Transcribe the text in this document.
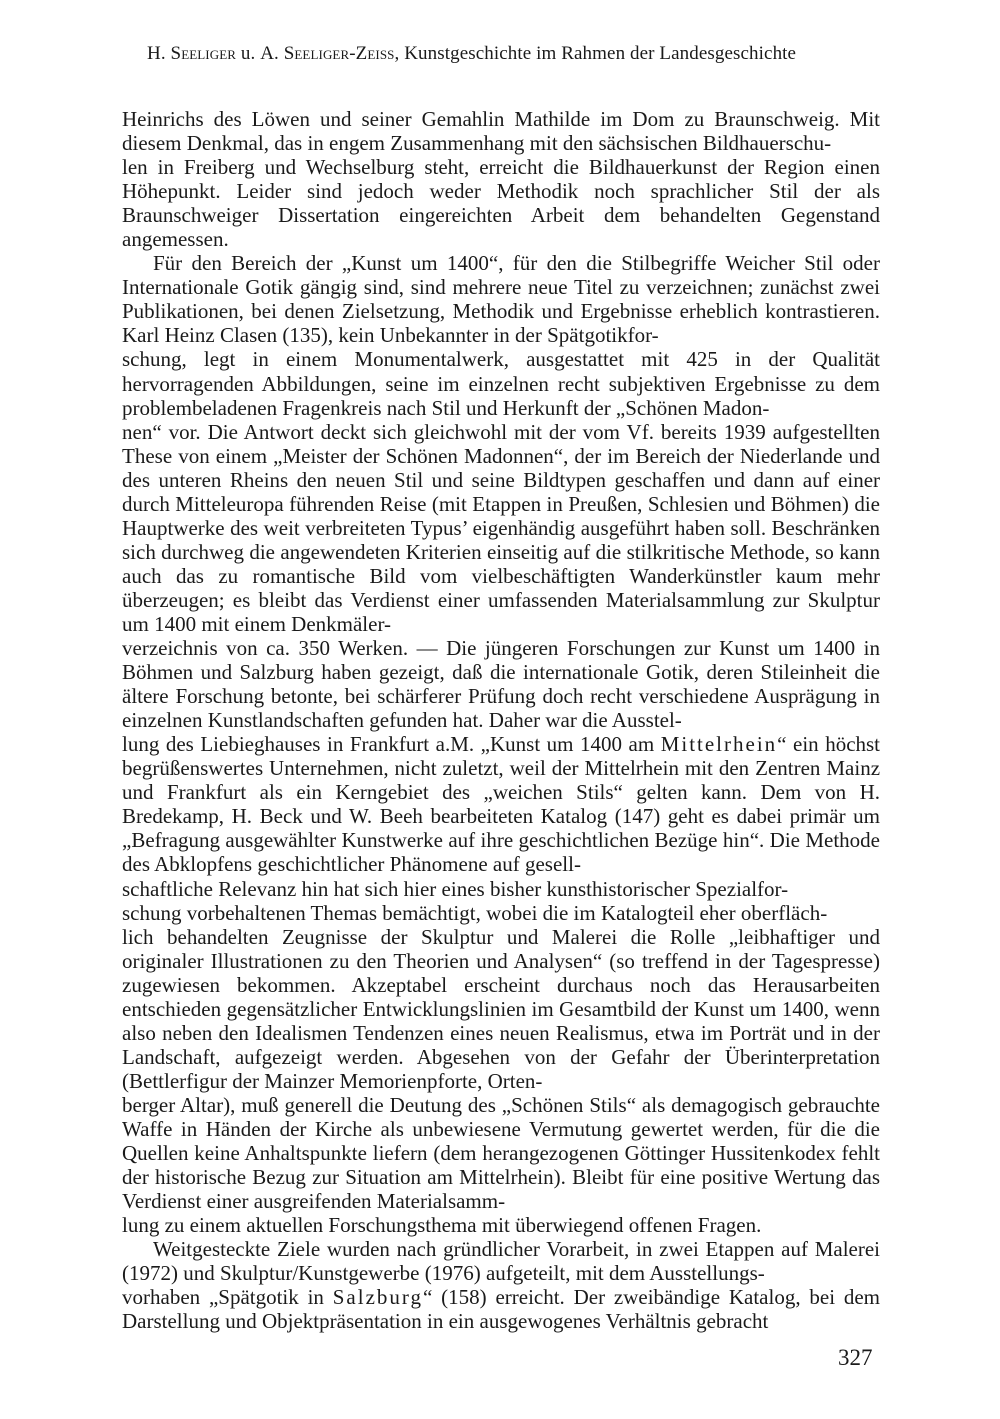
H. Seeliger u. A. Seeliger-Zeiss, Kunstgeschichte im Rahmen der Landesgeschichte

Heinrichs des Löwen und seiner Gemahlin Mathilde im Dom zu Braunschweig. Mit diesem Denkmal, das in engem Zusammenhang mit den sächsischen Bildhauerschu-
len in Freiberg und Wechselburg steht, erreicht die Bildhauerkunst der Region einen Höhepunkt. Leider sind jedoch weder Methodik noch sprachlicher Stil der als Braunschweiger Dissertation eingereichten Arbeit dem behandelten Gegenstand angemessen.

Für den Bereich der „Kunst um 1400“, für den die Stilbegriffe Weicher Stil oder Internationale Gotik gängig sind, sind mehrere neue Titel zu verzeichnen; zunächst zwei Publikationen, bei denen Zielsetzung, Methodik und Ergebnisse erheblich kontrastieren. Karl Heinz Clasen (135), kein Unbekannter in der Spätgotikfor-
schung, legt in einem Monumentalwerk, ausgestattet mit 425 in der Qualität hervorragenden Abbildungen, seine im einzelnen recht subjektiven Ergebnisse zu dem problembeladenen Fragenkreis nach Stil und Herkunft der „Schönen Madon-
nen“ vor. Die Antwort deckt sich gleichwohl mit der vom Vf. bereits 1939 aufgestellten These von einem „Meister der Schönen Madonnen“, der im Bereich der Niederlande und des unteren Rheins den neuen Stil und seine Bildtypen geschaffen und dann auf einer durch Mitteleuropa führenden Reise (mit Etappen in Preußen, Schlesien und Böhmen) die Hauptwerke des weit verbreiteten Typus’ eigenhändig ausgeführt haben soll. Beschränken sich durchweg die angewendeten Kriterien einseitig auf die stilkritische Methode, so kann auch das zu romantische Bild vom vielbeschäftigten Wanderkünstler kaum mehr überzeugen; es bleibt das Verdienst einer umfassenden Materialsammlung zur Skulptur um 1400 mit einem Denkmäler-
verzeichnis von ca. 350 Werken. — Die jüngeren Forschungen zur Kunst um 1400 in Böhmen und Salzburg haben gezeigt, daß die internationale Gotik, deren Stileinheit die ältere Forschung betonte, bei schärferer Prüfung doch recht verschiedene Ausprägung in einzelnen Kunstlandschaften gefunden hat. Daher war die Ausstel-
lung des Liebieghauses in Frankfurt a.M. „Kunst um 1400 am Mittelrhein“ ein höchst begrüßenswertes Unternehmen, nicht zuletzt, weil der Mittelrhein mit den Zentren Mainz und Frankfurt als ein Kerngebiet des „weichen Stils“ gelten kann. Dem von H. Bredekamp, H. Beck und W. Beeh bearbeiteten Katalog (147) geht es dabei primär um „Befragung ausgewählter Kunstwerke auf ihre geschichtlichen Bezüge hin“. Die Methode des Abklopfens geschichtlicher Phänomene auf gesell-
schaftliche Relevanz hin hat sich hier eines bisher kunsthistorischer Spezialfor-
schung vorbehaltenen Themas bemächtigt, wobei die im Katalogteil eher oberfläch-
lich behandelten Zeugnisse der Skulptur und Malerei die Rolle „leibhaftiger und originaler Illustrationen zu den Theorien und Analysen“ (so treffend in der Tagespresse) zugewiesen bekommen. Akzeptabel erscheint durchaus noch das Herausarbeiten entschieden gegensätzlicher Entwicklungslinien im Gesamtbild der Kunst um 1400, wenn also neben den Idealismen Tendenzen eines neuen Realismus, etwa im Porträt und in der Landschaft, aufgezeigt werden. Abgesehen von der Gefahr der Überinterpretation (Bettlerfigur der Mainzer Memorienpforte, Orten-
berger Altar), muß generell die Deutung des „Schönen Stils“ als demagogisch gebrauchte Waffe in Händen der Kirche als unbewiesene Vermutung gewertet werden, für die die Quellen keine Anhaltspunkte liefern (dem herangezogenen Göttinger Hussitenkodex fehlt der historische Bezug zur Situation am Mittelrhein). Bleibt für eine positive Wertung das Verdienst einer ausgreifenden Materialsamm-
lung zu einem aktuellen Forschungsthema mit überwiegend offenen Fragen.

Weitgesteckte Ziele wurden nach gründlicher Vorarbeit, in zwei Etappen auf Malerei (1972) und Skulptur/Kunstgewerbe (1976) aufgeteilt, mit dem Ausstellungs-
vorhaben „Spätgotik in Salzburg“ (158) erreicht. Der zweibändige Katalog, bei dem Darstellung und Objektpräsentation in ein ausgewogenes Verhältnis gebracht

327
